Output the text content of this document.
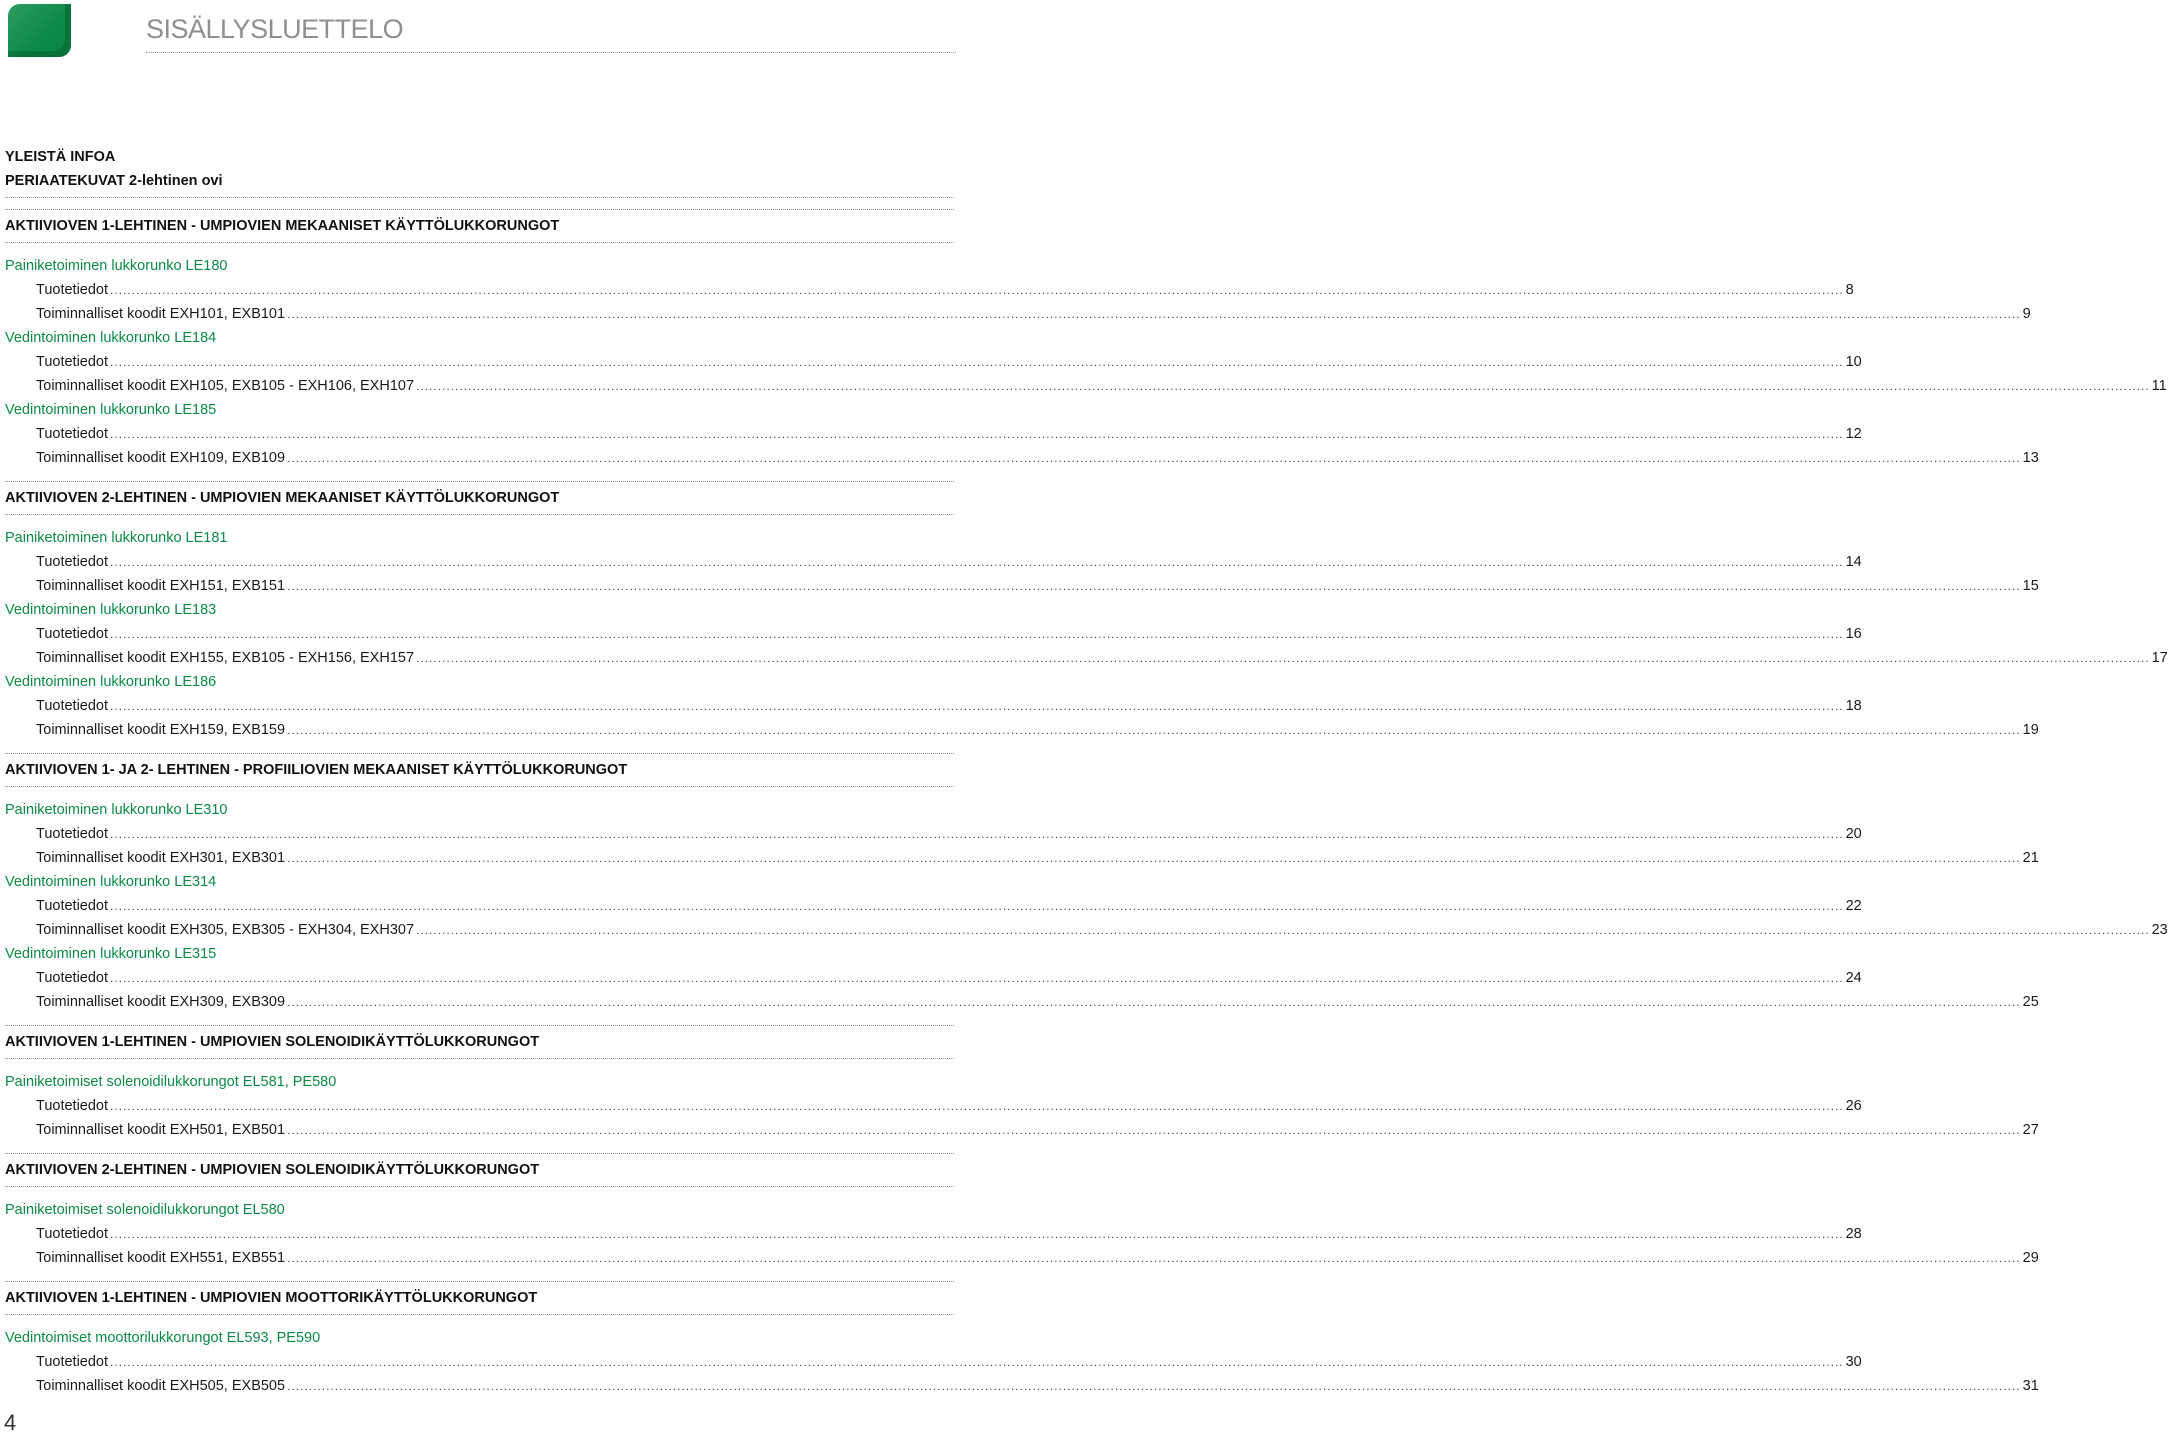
SISÄLLYSLUETTELO
YLEISTÄ INFOA
PERIAATEKUVAT 2-lehtinen ovi
AKTIIVIOVEN 1-LEHTINEN - UMPIOVIEN MEKAANISET KÄYTTÖLUKKORUNGOT
Painiketoiminen lukkorunko LE180
Tuotetiedot ................................................................................................................................................................................................................................................................................................................................................................................................................ 8
Toiminnalliset koodit EXH101, EXB101 ................................................................................................................................................................................................................................................................................................................................................................................................................ 9
Vedintoiminen lukkorunko LE184
Tuotetiedot ................................................................................................................................................................................................................................................................................................................................................................................................................ 10
Toiminnalliset koodit EXH105, EXB105 - EXH106, EXH107 ................................................................................................................................................................................................................................................................................................................................................................................................................ 11
Vedintoiminen lukkorunko LE185
Tuotetiedot ................................................................................................................................................................................................................................................................................................................................................................................................................ 12
Toiminnalliset koodit EXH109, EXB109 ................................................................................................................................................................................................................................................................................................................................................................................................................ 13
AKTIIVIOVEN 2-LEHTINEN - UMPIOVIEN MEKAANISET KÄYTTÖLUKKORUNGOT
Painiketoiminen lukkorunko LE181
Tuotetiedot ................................................................................................................................................................................................................................................................................................................................................................................................................ 14
Toiminnalliset koodit EXH151, EXB151 ................................................................................................................................................................................................................................................................................................................................................................................................................ 15
Vedintoiminen lukkorunko LE183
Tuotetiedot ................................................................................................................................................................................................................................................................................................................................................................................................................ 16
Toiminnalliset koodit EXH155, EXB105 - EXH156, EXH157 ................................................................................................................................................................................................................................................................................................................................................................................................................ 17
Vedintoiminen lukkorunko LE186
Tuotetiedot ................................................................................................................................................................................................................................................................................................................................................................................................................ 18
Toiminnalliset koodit EXH159, EXB159 ................................................................................................................................................................................................................................................................................................................................................................................................................ 19
AKTIIVIOVEN 1- JA 2- LEHTINEN - PROFIILIOVIEN MEKAANISET KÄYTTÖLUKKORUNGOT
Painiketoiminen lukkorunko LE310
Tuotetiedot ................................................................................................................................................................................................................................................................................................................................................................................................................ 20
Toiminnalliset koodit EXH301, EXB301 ................................................................................................................................................................................................................................................................................................................................................................................................................ 21
Vedintoiminen lukkorunko LE314
Tuotetiedot ................................................................................................................................................................................................................................................................................................................................................................................................................ 22
Toiminnalliset koodit EXH305, EXB305 - EXH304, EXH307 ................................................................................................................................................................................................................................................................................................................................................................................................................ 23
Vedintoiminen lukkorunko LE315
Tuotetiedot ................................................................................................................................................................................................................................................................................................................................................................................................................ 24
Toiminnalliset koodit EXH309, EXB309 ................................................................................................................................................................................................................................................................................................................................................................................................................ 25
AKTIIVIOVEN 1-LEHTINEN - UMPIOVIEN SOLENOIDIKÄYTTÖLUKKORUNGOT
Painiketoimiset solenoidilukkorungot EL581, PE580
Tuotetiedot ................................................................................................................................................................................................................................................................................................................................................................................................................ 26
Toiminnalliset koodit EXH501, EXB501 ................................................................................................................................................................................................................................................................................................................................................................................................................ 27
AKTIIVIOVEN 2-LEHTINEN - UMPIOVIEN SOLENOIDIKÄYTTÖLUKKORUNGOT
Painiketoimiset solenoidilukkorungot EL580
Tuotetiedot ................................................................................................................................................................................................................................................................................................................................................................................................................ 28
Toiminnalliset koodit EXH551, EXB551 ................................................................................................................................................................................................................................................................................................................................................................................................................ 29
AKTIIVIOVEN 1-LEHTINEN - UMPIOVIEN MOOTTORIKÄYTTÖLUKKORUNGOT
Vedintoimiset moottorilukkorungot EL593, PE590
Tuotetiedot ................................................................................................................................................................................................................................................................................................................................................................................................................ 30
Toiminnalliset koodit EXH505, EXB505 ................................................................................................................................................................................................................................................................................................................................................................................................................ 31
4
